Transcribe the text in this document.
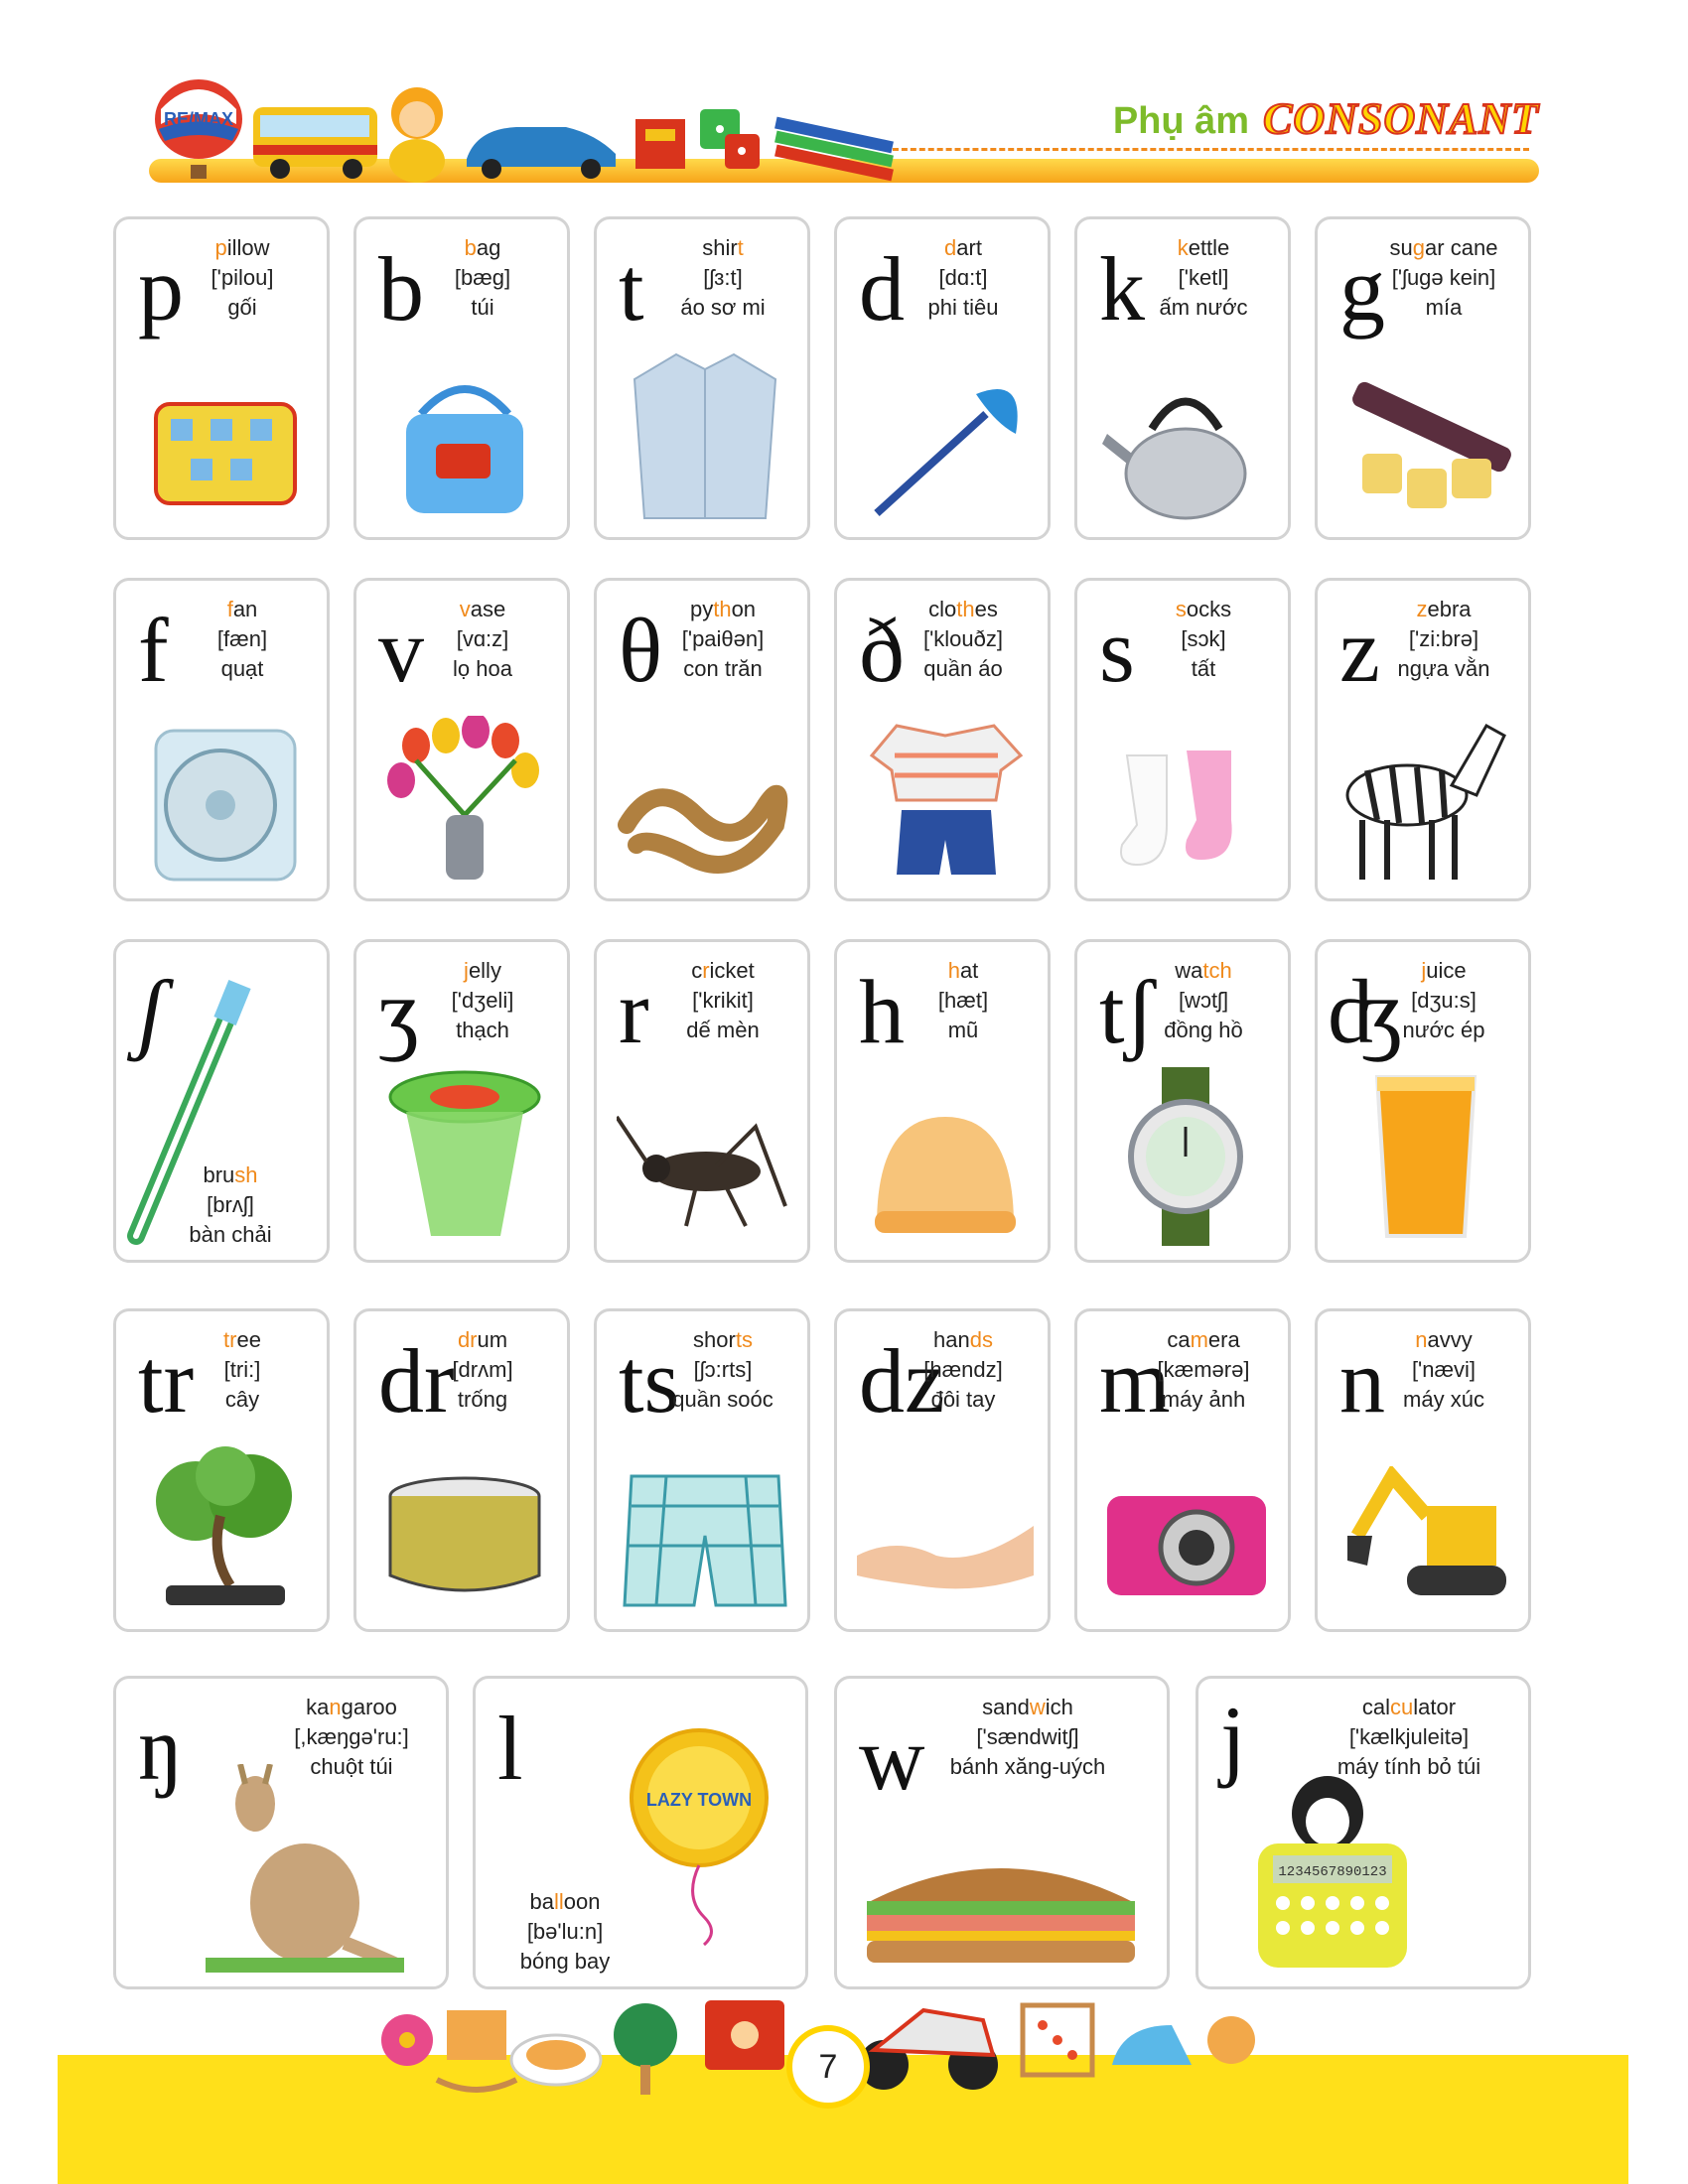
RE/MAX	Phụ âm CONSONANT
p	pillow
['pilou]
gối	b	bag
[bæg]
túi	t	shirt
[ʃɜ:t]
áo sơ mi	d	dart
[dɑ:t]
phi tiêu	k	kettle
['ketl]
ấm nước	g sugar cane
['ʃugə kein]
mía
f	fan
[fæn]
quạt	v	vase
[vɑ:z]
lọ hoa	θ	python
['paiθən]
con trăn	ð	clothes
['klouðz]
quần áo	s	socks
[sɔk]
tất	z	zebra
['zi:brə]
ngựa vằn
ʃ
brush
[brʌʃ]
bàn chải
ʒ	jelly
['dʒeli]
thạch	r	cricket
['krikit]
dế mèn	h	hat
[hæt]
mũ	tʃ watch
[wɔtʃ]
đồng hồ ʤ juice
[dʒu:s]
nước ép
tr	tree
[tri:]
cây	dr drum
[drʌm]
trống	ts shorts
[ʃɔ:rts]
quần soóc dz
hands
[hændz]
đôi tay	m
camera
[kæmərə]
máy ảnh	n	navvy
['nævi]
máy xúc
ŋ	kangaroo
[,kæŋgə'ru:]
chuột túi	l
LAZY TOWN
balloon
[bə'lu:n]
bóng bay
w
sandwich
['sændwitʃ]
bánh xăng-uých j	calculator
['kælkjuleitə]
máy tính bỏ túi
1234567890123
7
